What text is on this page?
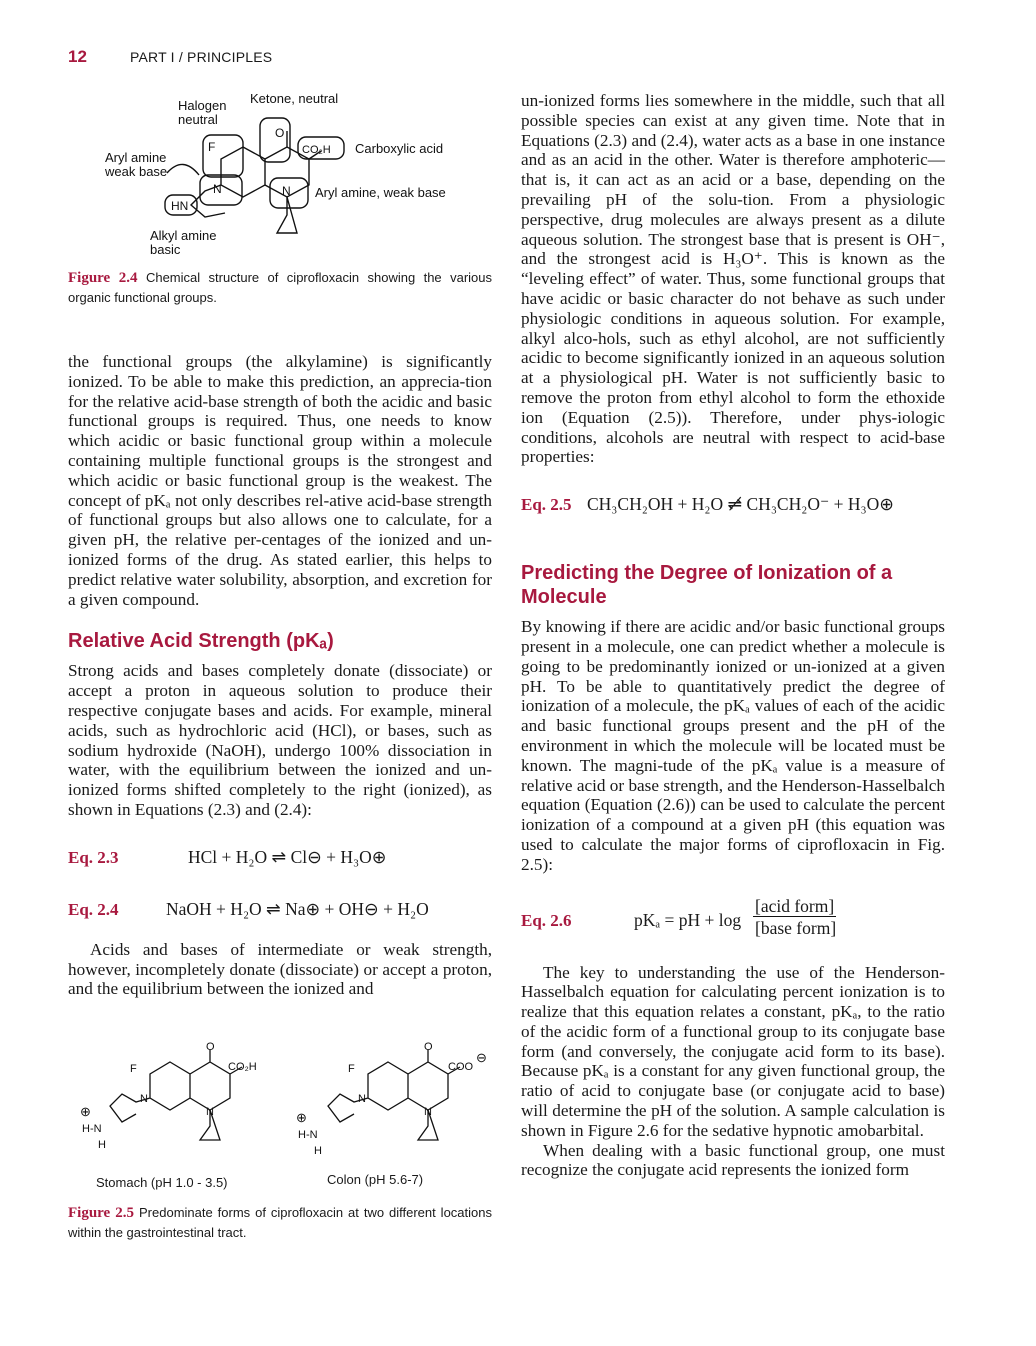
12	PART I / PRINCIPLES
Halogen neutral
Ketone, neutral
Carboxylic acid
Aryl amine weak base
Aryl amine, weak base
Alkyl amine basic
O
CO₂H
F
N	N
HN
Figure 2.4 Chemical structure of ciprofloxacin showing the various organic functional groups.

the functional groups (the alkylamine) is significantly ionized. To be able to make this prediction, an apprecia-tion for the relative acid-base strength of both the acidic and basic functional groups is required. Thus, one needs to know which acidic or basic functional group within a molecule containing multiple functional groups is the strongest and which acidic or basic functional group is the weakest. The concept of pKₐ not only describes rel-ative acid-base strength of functional groups but also allows one to calculate, for a given pH, the relative per-centages of the ionized and un-ionized forms of the drug. As stated earlier, this helps to predict relative water solubility, absorption, and excretion for a given compound.

Relative Acid Strength (pKₐ)

Strong acids and bases completely donate (dissociate) or accept a proton in aqueous solution to produce their respective conjugate bases and acids. For example, mineral acids, such as hydrochloric acid (HCl), or bases, such as sodium hydroxide (NaOH), undergo 100% dissociation in water, with the equilibrium between the ionized and un-ionized forms shifted completely to the right (ionized), as shown in Equations (2.3) and (2.4):

Eq. 2.3	HCl + H₂O ⇌ Cl⊖ + H₃O⊕
Eq. 2.4	NaOH + H₂O ⇌ Na⊕ + OH⊖ + H₂O

Acids and bases of intermediate or weak strength, however, incompletely donate (dissociate) or accept a proton, and the equilibrium between the ionized and

O
CO₂H
F
N
N
⊕
H-N
H
O
COO
⊖
F
N
N
⊕
H-N
H
Stomach (pH 1.0 - 3.5)	Colon (pH 5.6-7)
Figure 2.5 Predominate forms of ciprofloxacin at two different locations within the gastrointestinal tract.

un-ionized forms lies somewhere in the middle, such that all possible species can exist at any given time. Note that in Equations (2.3) and (2.4), water acts as a base in one instance and as an acid in the other. Water is therefore amphoteric—that is, it can act as an acid or a base, depending on the prevailing pH of the solu-tion. From a physiologic perspective, drug molecules are always present as a dilute aqueous solution. The strongest base that is present is OH⁻, and the strongest acid is H₃O⁺. This is known as the “leveling effect” of water. Thus, some functional groups that have acidic or basic character do not behave as such under physiologic conditions in aqueous solution. For example, alkyl alco-hols, such as ethyl alcohol, are not sufficiently acidic to become significantly ionized in an aqueous solution at a physiological pH. Water is not sufficiently basic to remove the proton from ethyl alcohol to form the ethoxide ion (Equation (2.5)). Therefore, under phys-iologic conditions, alcohols are neutral with respect to acid-base properties:

Eq. 2.5 CH₃CH₂OH + H₂O ⇌̸ CH₃CH₂O⁻ + H₃O⊕
Predicting the Degree of Ionization of a Molecule

By knowing if there are acidic and/or basic functional groups present in a molecule, one can predict whether a molecule is going to be predominantly ionized or un-ionized at a given pH. To be able to quantitatively predict the degree of ionization of a molecule, the pKₐ values of each of the acidic and basic functional groups present and the pH of the environment in which the molecule will be located must be known. The magni-tude of the pKₐ value is a measure of relative acid or base strength, and the Henderson-Hasselbalch equation (Equation (2.6)) can be used to calculate the percent ionization of a compound at a given pH (this equation was used to calculate the major forms of ciprofloxacin in Fig. 2.5):

Eq. 2.6	pKₐ = pH + log
[acid form]
[base form]

The key to understanding the use of the Henderson-Hasselbalch equation for calculating percent ionization is to realize that this equation relates a constant, pKₐ, to the ratio of the acidic form of a functional group to its conjugate base form (and conversely, the conjugate acid form to its base). Because pKₐ is a constant for any given functional group, the ratio of acid to conjugate base (or conjugate acid to base) will determine the pH of the solution. A sample calculation is shown in Figure 2.6 for the sedative hypnotic amobarbital.

When dealing with a basic functional group, one must recognize the conjugate acid represents the ionized form
